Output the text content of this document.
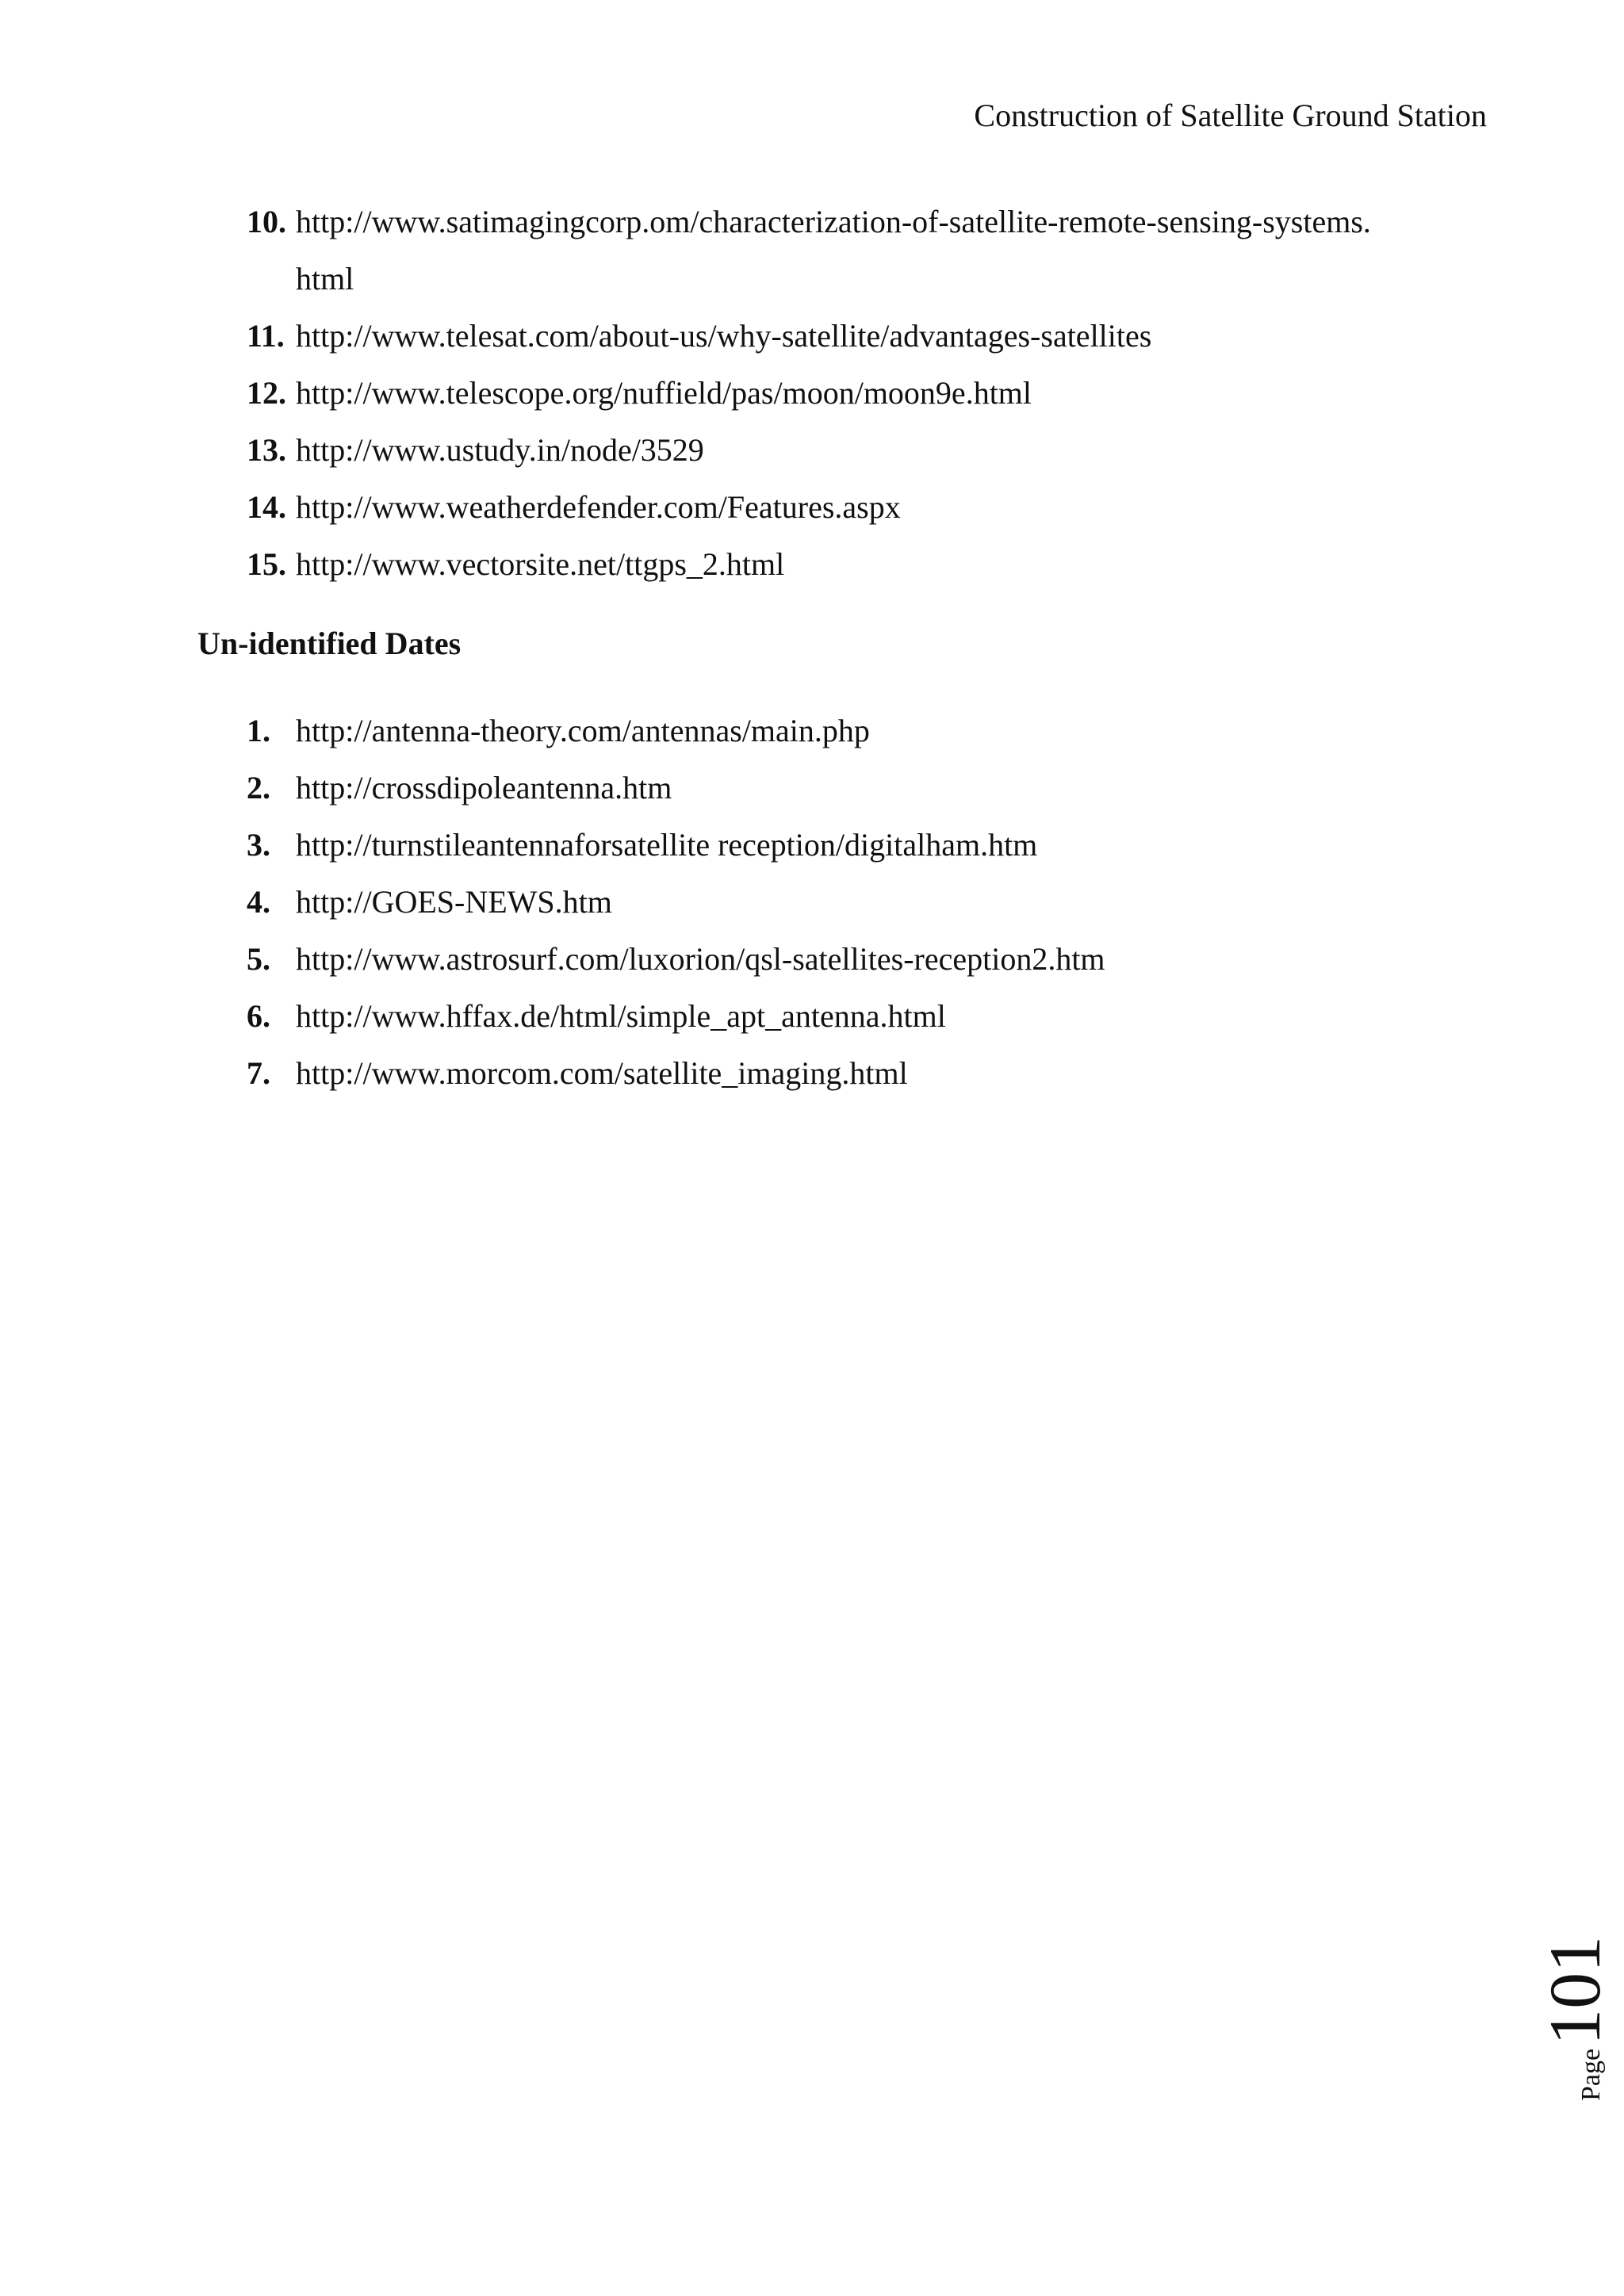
Construction of Satellite Ground Station
10. http://www.satimagingcorp.om/characterization-of-satellite-remote-sensing-systems.html
11. http://www.telesat.com/about-us/why-satellite/advantages-satellites
12. http://www.telescope.org/nuffield/pas/moon/moon9e.html
13. http://www.ustudy.in/node/3529
14. http://www.weatherdefender.com/Features.aspx
15. http://www.vectorsite.net/ttgps_2.html
Un-identified Dates
1. http://antenna-theory.com/antennas/main.php
2. http://crossdipoleantenna.htm
3. http://turnstileantennaforsatellite reception/digitalham.htm
4. http://GOES-NEWS.htm
5. http://www.astrosurf.com/luxorion/qsl-satellites-reception2.htm
6. http://www.hffax.de/html/simple_apt_antenna.html
7. http://www.morcom.com/satellite_imaging.html
Page
101
